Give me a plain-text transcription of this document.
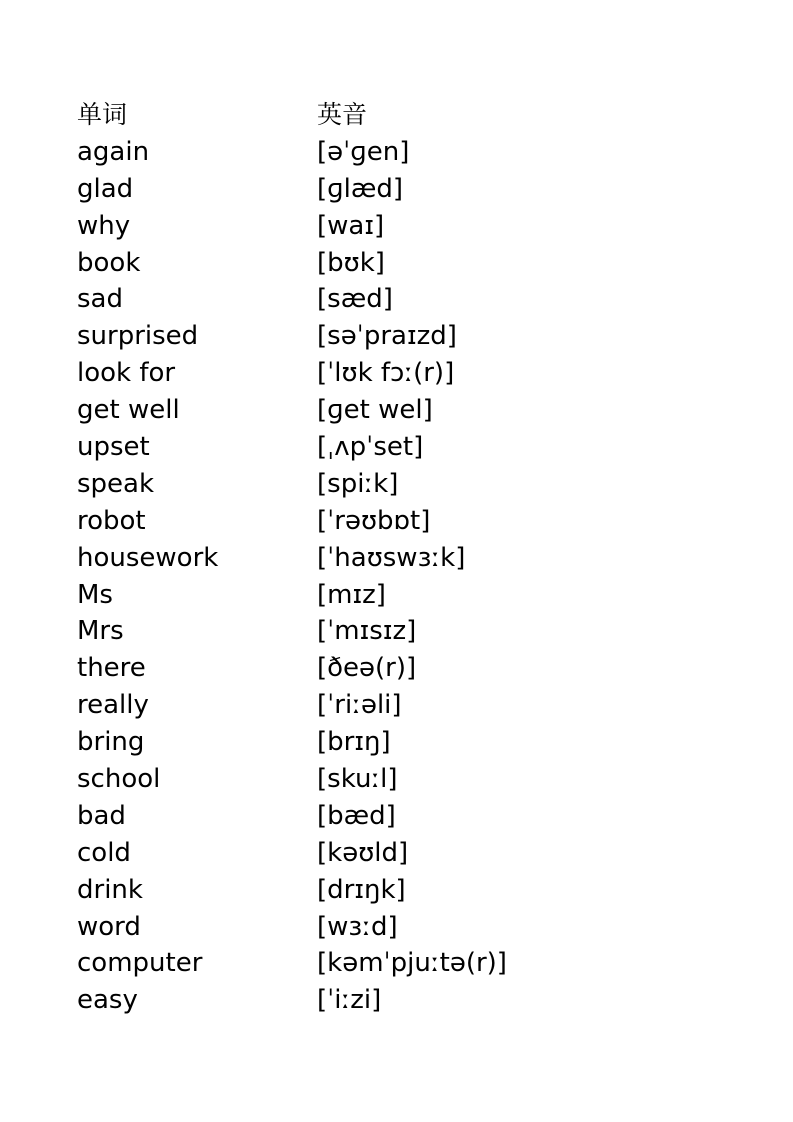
单词	英音
again	[əˈɡen]
glad	[ɡlæd]
why	[waɪ]
book	[bʊk]
sad	[sæd]
surprised	[səˈpraɪzd]
look for	[ˈlʊk fɔː(r)]
get well	[ɡet wel]
upset	[ˌʌpˈset]
speak	[spiːk]
robot	[ˈrəʊbɒt]
housework	[ˈhaʊswɜːk]
Ms	[mɪz]
Mrs	[ˈmɪsɪz]
there	[ðeə(r)]
really	[ˈriːəli]
bring	[brɪŋ]
school	[skuːl]
bad	[bæd]
cold	[kəʊld]
drink	[drɪŋk]
word	[wɜːd]
computer	[kəmˈpjuːtə(r)]
easy	[ˈiːzi]
